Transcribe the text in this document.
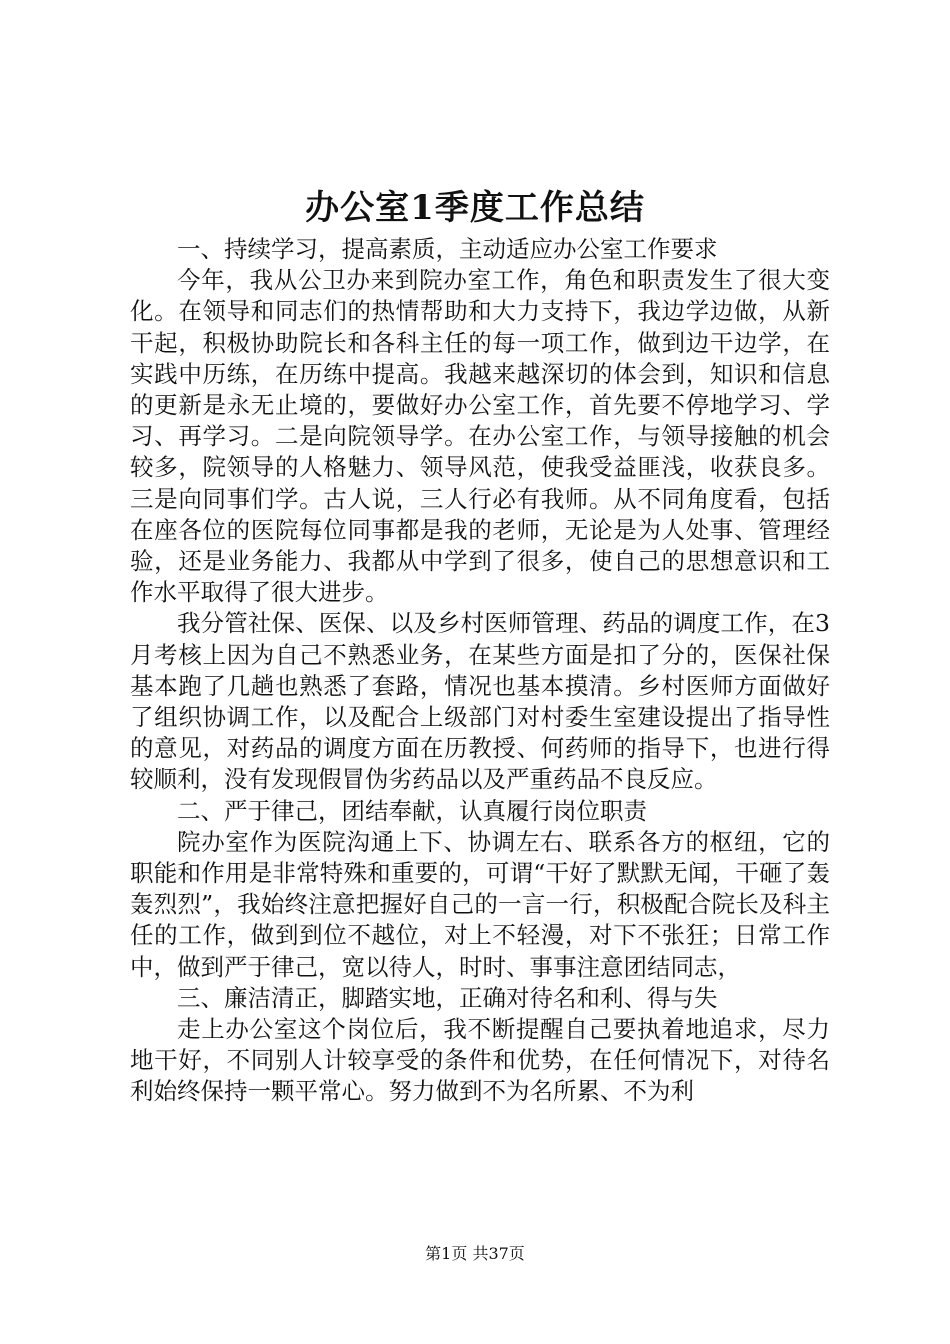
办公室1季度工作总结

一、持续学习，提高素质，主动适应办公室工作要求

今年，我从公卫办来到院办室工作，角色和职责发生了很大变化。在领导和同志们的热情帮助和大力支持下，我边学边做，从新干起，积极协助院长和各科主任的每一项工作，做到边干边学，在实践中历练，在历练中提高。我越来越深切的体会到，知识和信息的更新是永无止境的，要做好办公室工作，首先要不停地学习、学习、再学习。二是向院领导学。在办公室工作，与领导接触的机会较多，院领导的人格魅力、领导风范，使我受益匪浅，收获良多。三是向同事们学。古人说，三人行必有我师。从不同角度看，包括在座各位的医院每位同事都是我的老师，无论是为人处事、管理经验，还是业务能力、我都从中学到了很多，使自己的思想意识和工作水平取得了很大进步。

我分管社保、医保、以及乡村医师管理、药品的调度工作，在3月考核上因为自己不熟悉业务，在某些方面是扣了分的，医保社保基本跑了几趟也熟悉了套路，情况也基本摸清。乡村医师方面做好了组织协调工作，以及配合上级部门对村委生室建设提出了指导性的意见，对药品的调度方面在历教授、何药师的指导下，也进行得较顺利，没有发现假冒伪劣药品以及严重药品不良反应。

二、严于律己，团结奉献，认真履行岗位职责

院办室作为医院沟通上下、协调左右、联系各方的枢纽，它的职能和作用是非常特殊和重要的，可谓“干好了默默无闻，干砸了轰轰烈烈”，我始终注意把握好自己的一言一行，积极配合院长及科主任的工作，做到到位不越位，对上不轻漫，对下不张狂；日常工作中，做到严于律己，宽以待人，时时、事事注意团结同志，

三、廉洁清正，脚踏实地，正确对待名和利、得与失

走上办公室这个岗位后，我不断提醒自己要执着地追求，尽力地干好，不同别人计较享受的条件和优势，在任何情况下，对待名利始终保持一颗平常心。努力做到不为名所累、不为利

第1页 共37页
